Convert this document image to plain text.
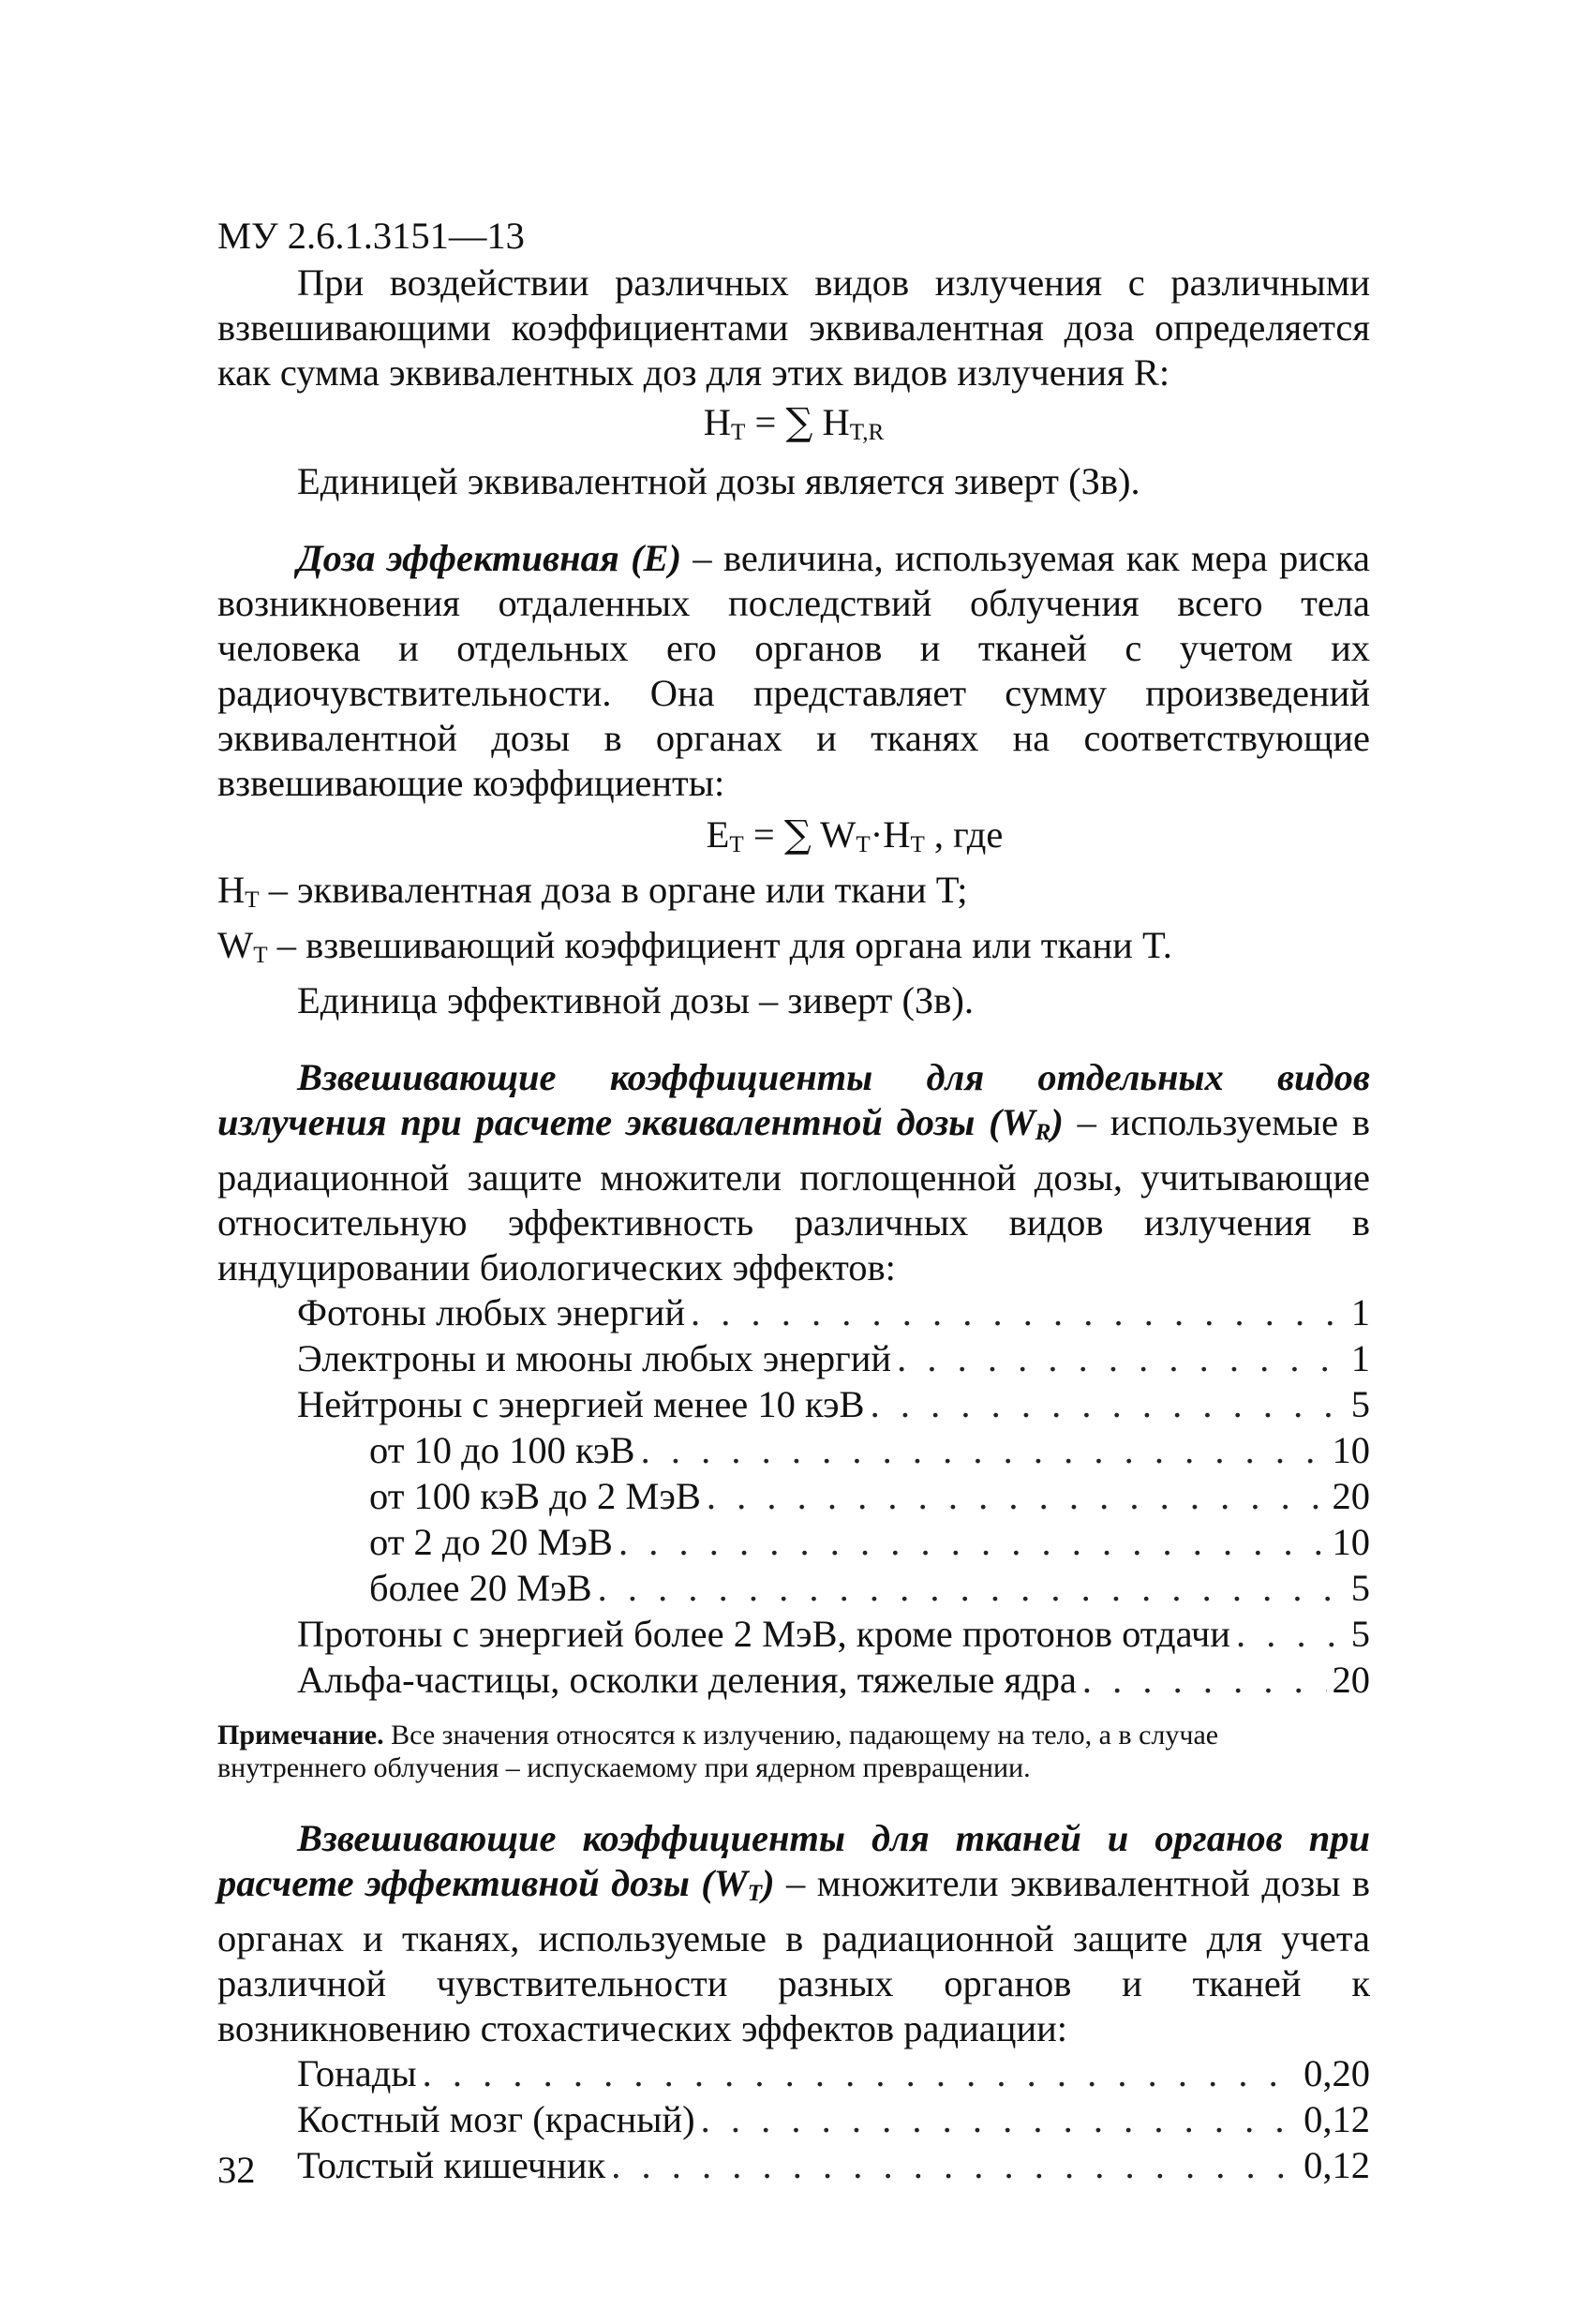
МУ 2.6.1.3151—13

При воздействии различных видов излучения с различными взвешивающими коэффициентами эквивалентная доза определяется как сумма эквивалентных доз для этих видов излучения R:

$H_T$ = ∑ $H_{T,R}$

Единицей эквивалентной дозы является зиверт (Зв).

Доза эффективная (Е) – величина, используемая как мера риска возникновения отдаленных последствий облучения всего тела человека и отдельных его органов и тканей с учетом их радиочувствительности. Она представляет сумму произведений эквивалентной дозы в органах и тканях на соответствующие взвешивающие коэффициенты:

$E_T$ = ∑ $W_T\cdot H_T$ , где

$H_T$ – эквивалентная доза в органе или ткани T;

$W_T$ – взвешивающий коэффициент для органа или ткани T.

Единица эффективной дозы – зиверт (Зв).

Взвешивающие коэффициенты для отдельных видов излучения при расчете эквивалентной дозы $(W_R)$ – используемые в радиационной защите множители поглощенной дозы, учитывающие относительную эффективность различных видов излучения в индуцировании биологических эффектов:

Фотоны любых энергий . . .	1
Электроны и мюоны любых энергий . . .	1
Нейтроны с энергией менее 10 кэВ . . .	5
от 10 до 100 кэВ . . .	10
от 100 кэВ до 2 МэВ . . .	20
от 2 до 20 МэВ . . .	10
более 20 МэВ . . .	5
Протоны с энергией более 2 МэВ, кроме протонов отдачи . . .	5
Альфа-частицы, осколки деления, тяжелые ядра . . .	20

Примечание. Все значения относятся к излучению, падающему на тело, а в случае внутреннего облучения – испускаемому при ядерном превращении.

Взвешивающие коэффициенты для тканей и органов при расчете эффективной дозы $(W_T)$ – множители эквивалентной дозы в органах и тканях, используемые в радиационной защите для учета различной чувствительности разных органов и тканей к возникновению стохастических эффектов радиации:

Гонады . . .	0,20
Костный мозг (красный) . . .	0,12
Толстый кишечник . . .	0,12
32
